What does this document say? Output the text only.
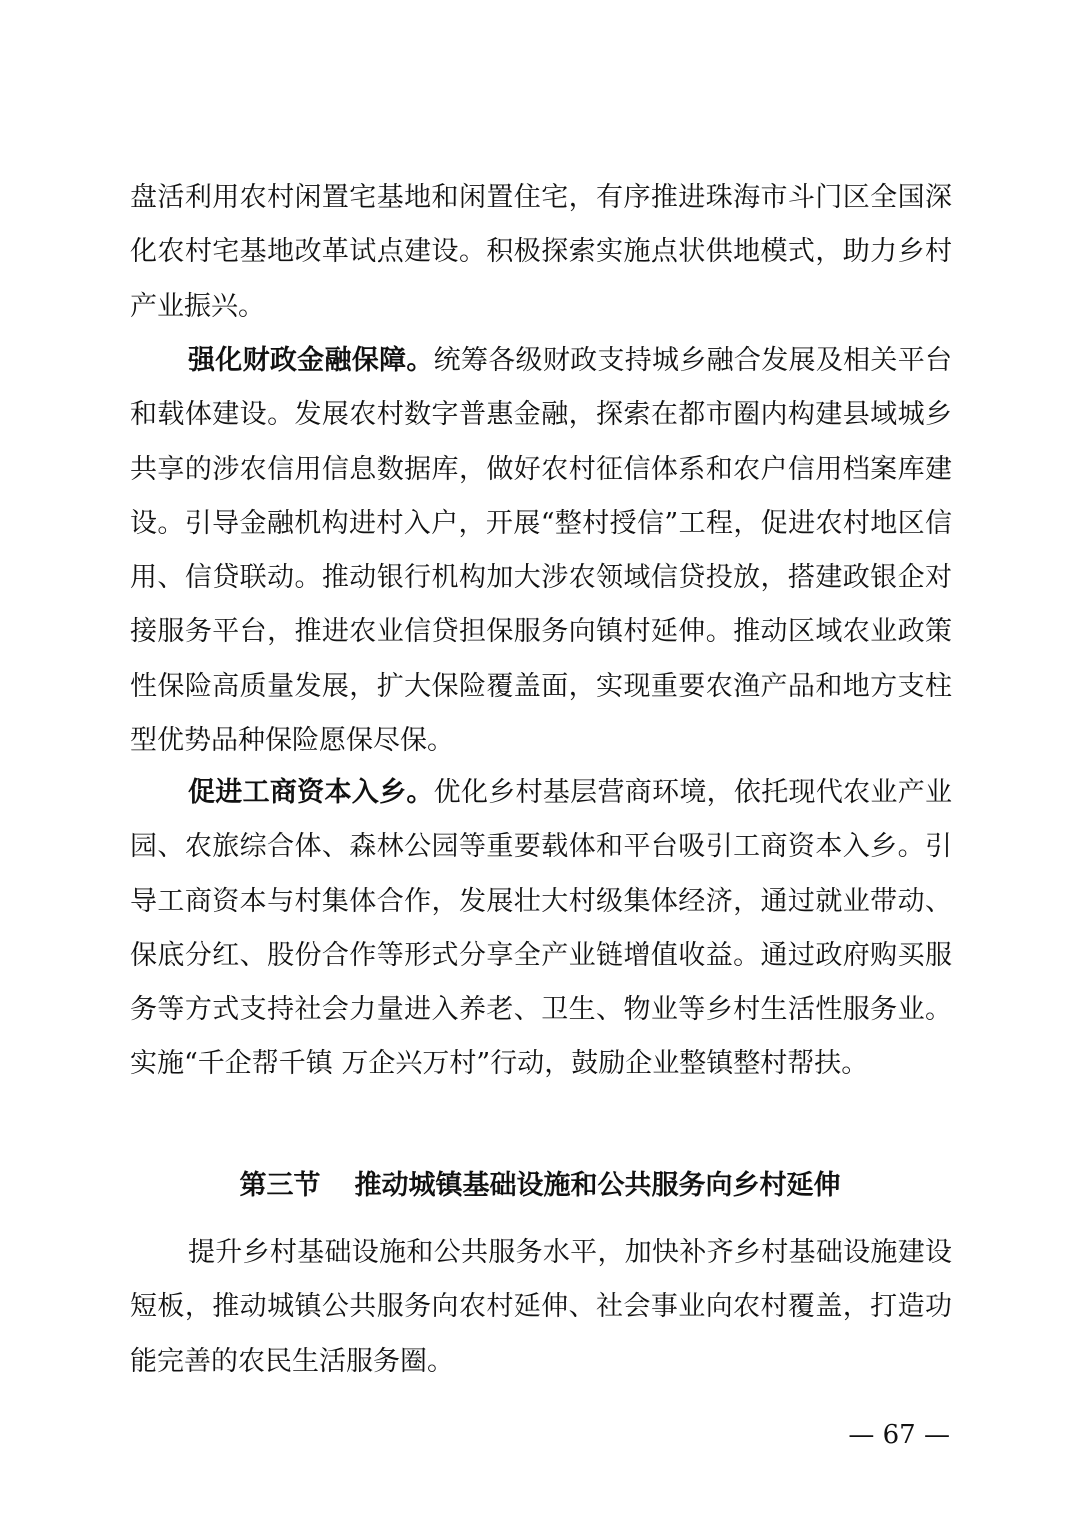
盘活利用农村闲置宅基地和闲置住宅，有序推进珠海市斗门区全国深化农村宅基地改革试点建设。积极探索实施点状供地模式，助力乡村产业振兴。

强化财政金融保障。统筹各级财政支持城乡融合发展及相关平台和载体建设。发展农村数字普惠金融，探索在都市圈内构建县域城乡共享的涉农信用信息数据库，做好农村征信体系和农户信用档案库建设。引导金融机构进村入户，开展“整村授信”工程，促进农村地区信用、信贷联动。推动银行机构加大涉农领域信贷投放，搭建政银企对接服务平台，推进农业信贷担保服务向镇村延伸。推动区域农业政策性保险高质量发展，扩大保险覆盖面，实现重要农渔产品和地方支柱型优势品种保险愿保尽保。

促进工商资本入乡。优化乡村基层营商环境，依托现代农业产业园、农旅综合体、森林公园等重要载体和平台吸引工商资本入乡。引导工商资本与村集体合作，发展壮大村级集体经济，通过就业带动、保底分红、股份合作等形式分享全产业链增值收益。通过政府购买服务等方式支持社会力量进入养老、卫生、物业等乡村生活性服务业。实施“千企帮千镇 万企兴万村”行动，鼓励企业整镇整村帮扶。

第三节 推动城镇基础设施和公共服务向乡村延伸

提升乡村基础设施和公共服务水平，加快补齐乡村基础设施建设短板，推动城镇公共服务向农村延伸、社会事业向农村覆盖，打造功能完善的农民生活服务圈。

— 67 —
